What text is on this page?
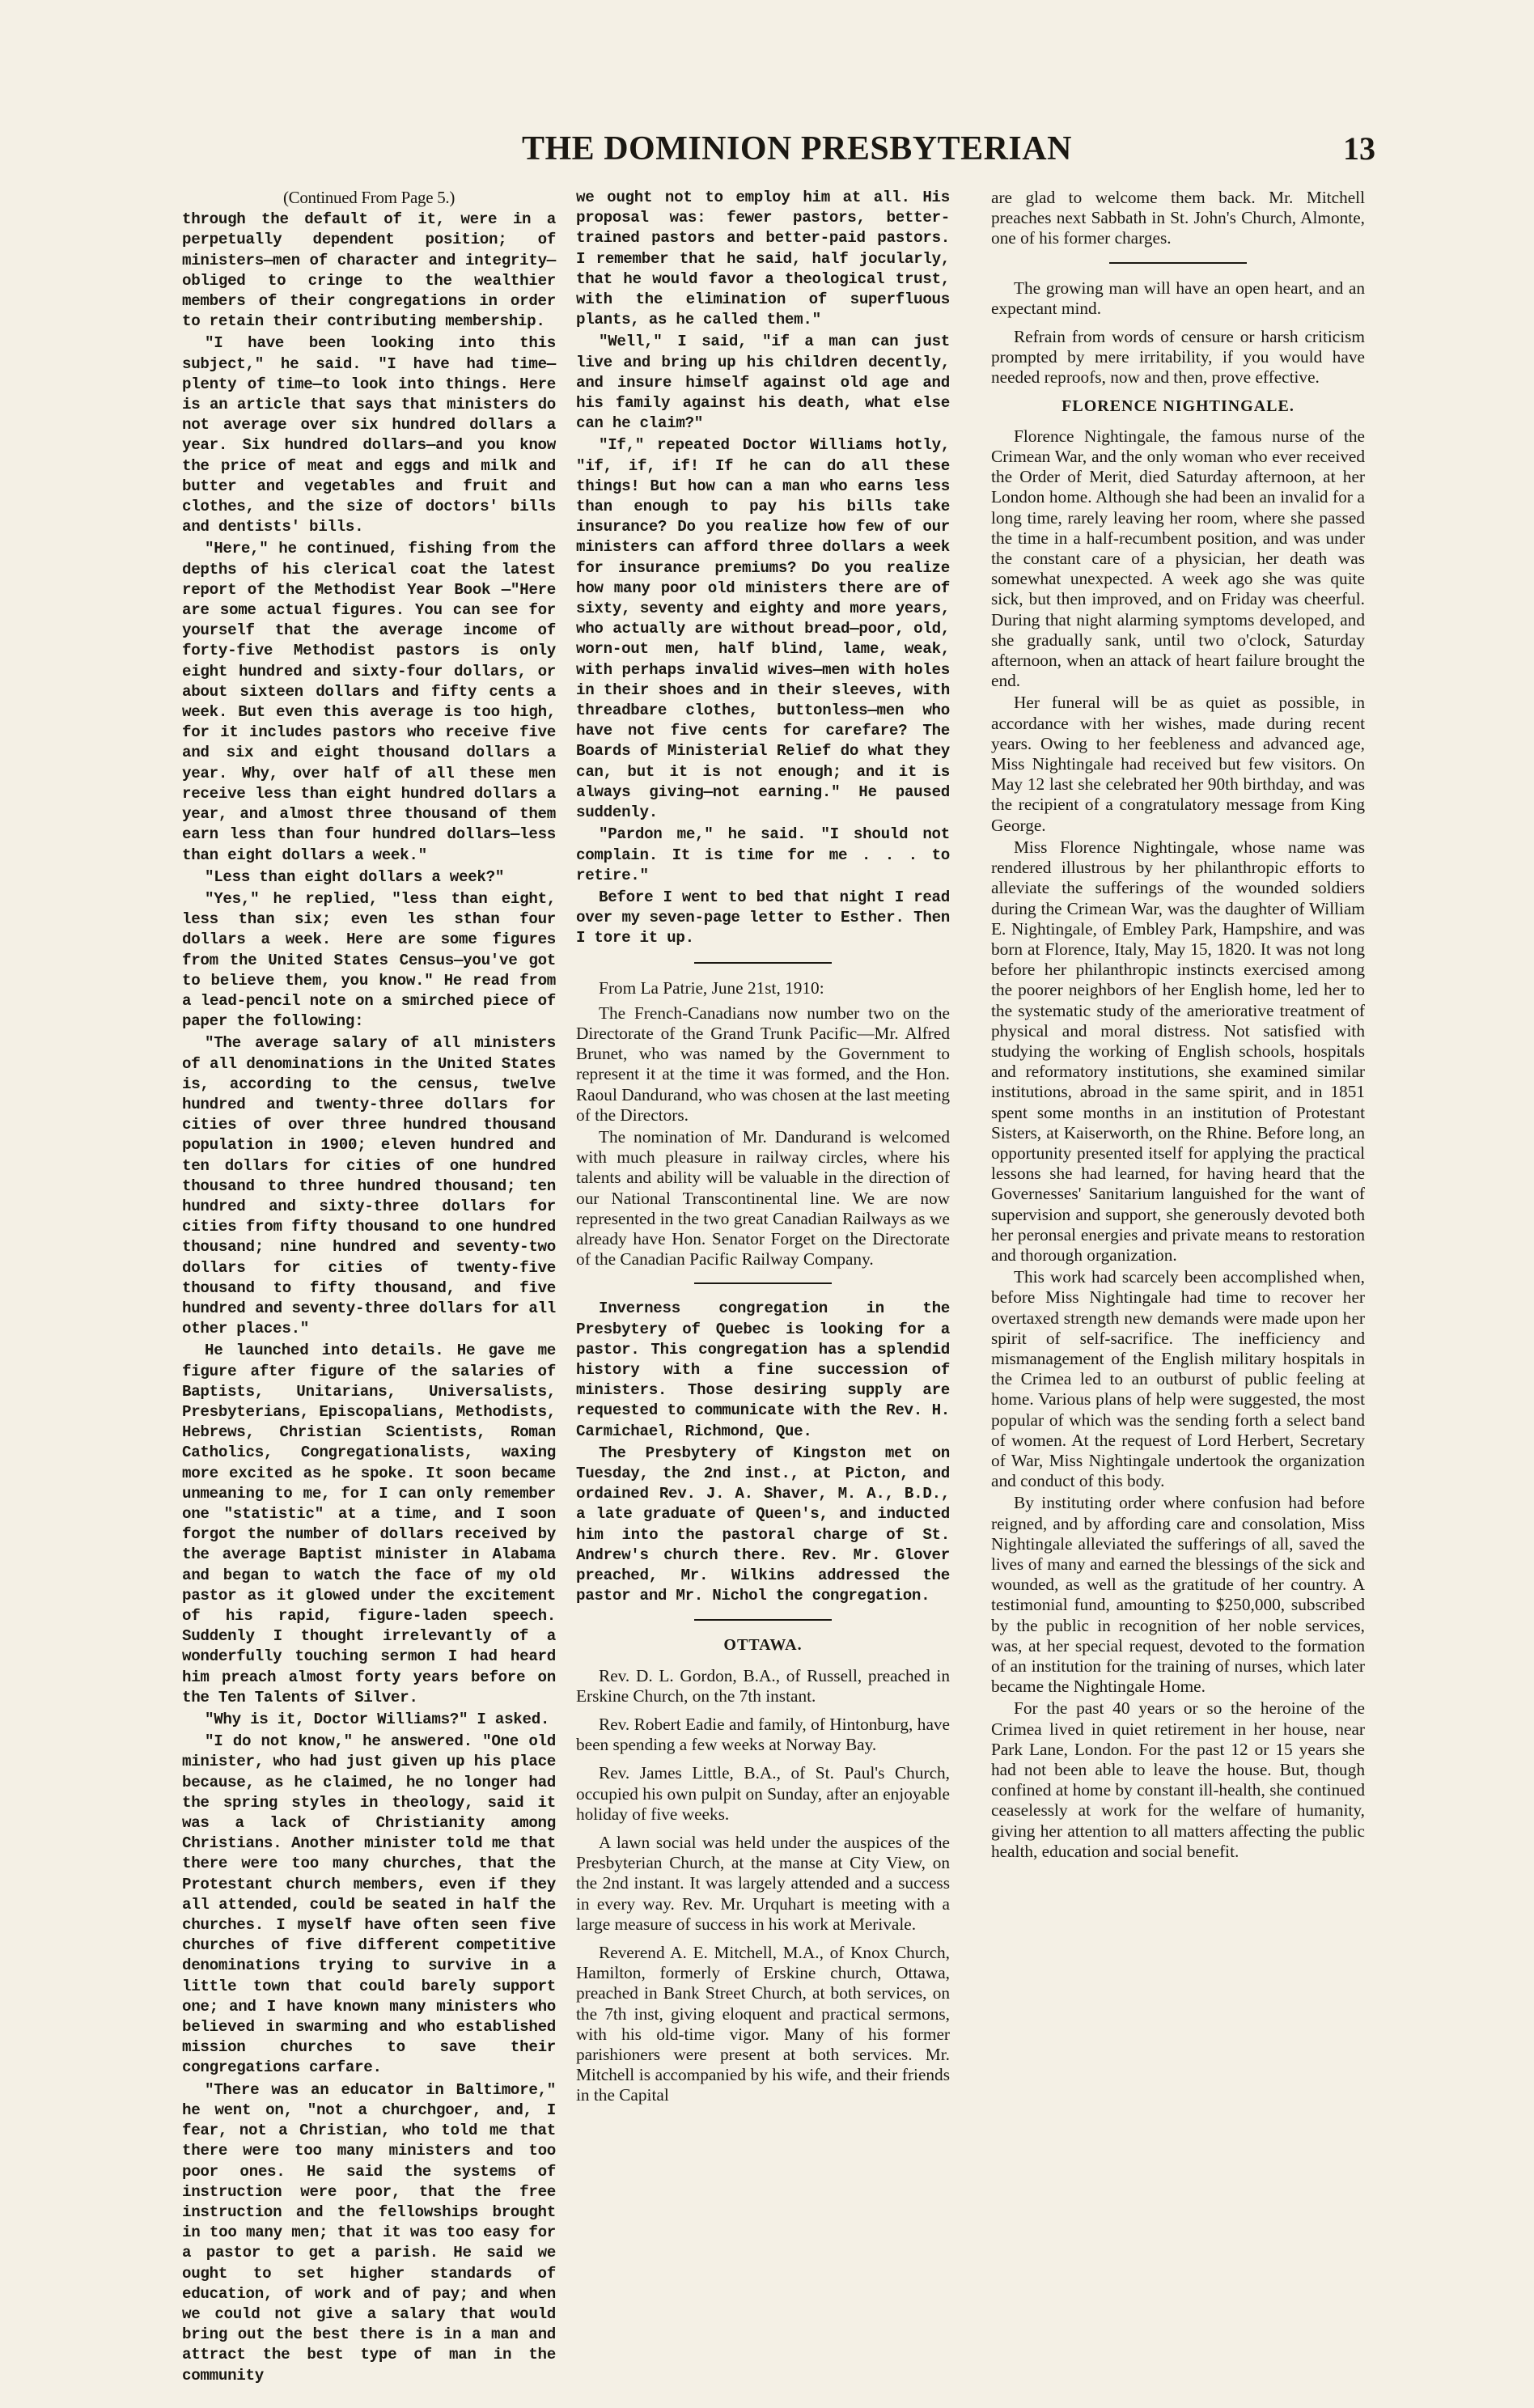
THE DOMINION PRESBYTERIAN	13

(Continued From Page 5.)

through the default of it, were in a perpetually dependent position; of ministers—men of character and integrity—obliged to cringe to the wealthier members of their congregations in order to retain their contributing membership.

"I have been looking into this subject," he said. "I have had time—plenty of time—to look into things. Here is an article that says that ministers do not average over six hundred dollars a year. Six hundred dollars—and you know the price of meat and eggs and milk and butter and vegetables and fruit and clothes, and the size of doctors' bills and dentists' bills.

"Here," he continued, fishing from the depths of his clerical coat the latest report of the Methodist Year Book —"Here are some actual figures. You can see for yourself that the average income of forty-five Methodist pastors is only eight hundred and sixty-four dollars, or about sixteen dollars and fifty cents a week. But even this average is too high, for it includes pastors who receive five and six and eight thousand dollars a year. Why, over half of all these men receive less than eight hundred dollars a year, and almost three thousand of them earn less than four hundred dollars—less than eight dollars a week."

"Less than eight dollars a week?"

"Yes," he replied, "less than eight, less than six; even les sthan four dollars a week. Here are some figures from the United States Census—you've got to believe them, you know." He read from a lead-pencil note on a smirched piece of paper the following:

"The average salary of all ministers of all denominations in the United States is, according to the census, twelve hundred and twenty-three dollars for cities of over three hundred thousand population in 1900; eleven hundred and ten dollars for cities of one hundred thousand to three hundred thousand; ten hundred and sixty-three dollars for cities from fifty thousand to one hundred thousand; nine hundred and seventy-two dollars for cities of twenty-five thousand to fifty thousand, and five hundred and seventy-three dollars for all other places."

He launched into details. He gave me figure after figure of the salaries of Baptists, Unitarians, Universalists, Presbyterians, Episcopalians, Methodists, Hebrews, Christian Scientists, Roman Catholics, Congregationalists, waxing more excited as he spoke. It soon became unmeaning to me, for I can only remember one "statistic" at a time, and I soon forgot the number of dollars received by the average Baptist minister in Alabama and began to watch the face of my old pastor as it glowed under the excitement of his rapid, figure-laden speech. Suddenly I thought irrelevantly of a wonderfully touching sermon I had heard him preach almost forty years before on the Ten Talents of Silver.

"Why is it, Doctor Williams?" I asked.

"I do not know," he answered. "One old minister, who had just given up his place because, as he claimed, he no longer had the spring styles in theology, said it was a lack of Christianity among Christians. Another minister told me that there were too many churches, that the Protestant church members, even if they all attended, could be seated in half the churches. I myself have often seen five churches of five different competitive denominations trying to survive in a little town that could barely support one; and I have known many ministers who believed in swarming and who established mission churches to save their congregations carfare.

"There was an educator in Baltimore," he went on, "not a churchgoer, and, I fear, not a Christian, who told me that there were too many ministers and too poor ones. He said the systems of instruction were poor, that the free instruction and the fellowships brought in too many men; that it was too easy for a pastor to get a parish. He said we ought to set higher standards of education, of work and of pay; and when we could not give a salary that would bring out the best there is in a man and attract the best type of man in the community

we ought not to employ him at all. His proposal was: fewer pastors, better-trained pastors and better-paid pastors. I remember that he said, half jocularly, that he would favor a theological trust, with the elimination of superfluous plants, as he called them."

"Well," I said, "if a man can just live and bring up his children decently, and insure himself against old age and his family against his death, what else can he claim?"

"If," repeated Doctor Williams hotly, "if, if, if! If he can do all these things! But how can a man who earns less than enough to pay his bills take insurance? Do you realize how few of our ministers can afford three dollars a week for insurance premiums? Do you realize how many poor old ministers there are of sixty, seventy and eighty and more years, who actually are without bread—poor, old, worn-out men, half blind, lame, weak, with perhaps invalid wives—men with holes in their shoes and in their sleeves, with threadbare clothes, buttonless—men who have not five cents for carefare? The Boards of Ministerial Relief do what they can, but it is not enough; and it is always giving—not earning." He paused suddenly.

"Pardon me," he said. "I should not complain. It is time for me . . . to retire."

Before I went to bed that night I read over my seven-page letter to Esther. Then I tore it up.

From La Patrie, June 21st, 1910:

The French-Canadians now number two on the Directorate of the Grand Trunk Pacific—Mr. Alfred Brunet, who was named by the Government to represent it at the time it was formed, and the Hon. Raoul Dandurand, who was chosen at the last meeting of the Directors.

The nomination of Mr. Dandurand is welcomed with much pleasure in railway circles, where his talents and ability will be valuable in the direction of our National Transcontinental line. We are now represented in the two great Canadian Railways as we already have Hon. Senator Forget on the Directorate of the Canadian Pacific Railway Company.

Inverness congregation in the Presbytery of Quebec is looking for a pastor. This congregation has a splendid history with a fine succession of ministers. Those desiring supply are requested to communicate with the Rev. H. Carmichael, Richmond, Que.

The Presbytery of Kingston met on Tuesday, the 2nd inst., at Picton, and ordained Rev. J. A. Shaver, M. A., B.D., a late graduate of Queen's, and inducted him into the pastoral charge of St. Andrew's church there. Rev. Mr. Glover preached, Mr. Wilkins addressed the pastor and Mr. Nichol the congregation.

OTTAWA.

Rev. D. L. Gordon, B.A., of Russell, preached in Erskine Church, on the 7th instant.

Rev. Robert Eadie and family, of Hintonburg, have been spending a few weeks at Norway Bay.

Rev. James Little, B.A., of St. Paul's Church, occupied his own pulpit on Sunday, after an enjoyable holiday of five weeks.

A lawn social was held under the auspices of the Presbyterian Church, at the manse at City View, on the 2nd instant. It was largely attended and a success in every way. Rev. Mr. Urquhart is meeting with a large measure of success in his work at Merivale.

Reverend A. E. Mitchell, M.A., of Knox Church, Hamilton, formerly of Erskine church, Ottawa, preached in Bank Street Church, at both services, on the 7th inst, giving eloquent and practical sermons, with his old-time vigor. Many of his former parishioners were present at both services. Mr. Mitchell is accompanied by his wife, and their friends in the Capital

are glad to welcome them back. Mr. Mitchell preaches next Sabbath in St. John's Church, Almonte, one of his former charges.

The growing man will have an open heart, and an expectant mind.

Refrain from words of censure or harsh criticism prompted by mere irritability, if you would have needed reproofs, now and then, prove effective.

FLORENCE NIGHTINGALE.

Florence Nightingale, the famous nurse of the Crimean War, and the only woman who ever received the Order of Merit, died Saturday afternoon, at her London home. Although she had been an invalid for a long time, rarely leaving her room, where she passed the time in a half-recumbent position, and was under the constant care of a physician, her death was somewhat unexpected. A week ago she was quite sick, but then improved, and on Friday was cheerful. During that night alarming symptoms developed, and she gradually sank, until two o'clock, Saturday afternoon, when an attack of heart failure brought the end.

Her funeral will be as quiet as possible, in accordance with her wishes, made during recent years. Owing to her feebleness and advanced age, Miss Nightingale had received but few visitors. On May 12 last she celebrated her 90th birthday, and was the recipient of a congratulatory message from King George.

Miss Florence Nightingale, whose name was rendered illustrous by her philanthropic efforts to alleviate the sufferings of the wounded soldiers during the Crimean War, was the daughter of William E. Nightingale, of Embley Park, Hampshire, and was born at Florence, Italy, May 15, 1820. It was not long before her philanthropic instincts exercised among the poorer neighbors of her English home, led her to the systematic study of the ameriorative treatment of physical and moral distress. Not satisfied with studying the working of English schools, hospitals and reformatory institutions, she examined similar institutions, abroad in the same spirit, and in 1851 spent some months in an institution of Protestant Sisters, at Kaiserworth, on the Rhine. Before long, an opportunity presented itself for applying the practical lessons she had learned, for having heard that the Governesses' Sanitarium languished for the want of supervision and support, she generously devoted both her peronsal energies and private means to restoration and thorough organization.

This work had scarcely been accomplished when, before Miss Nightingale had time to recover her overtaxed strength new demands were made upon her spirit of self-sacrifice. The inefficiency and mismanagement of the English military hospitals in the Crimea led to an outburst of public feeling at home. Various plans of help were suggested, the most popular of which was the sending forth a select band of women. At the request of Lord Herbert, Secretary of War, Miss Nightingale undertook the organization and conduct of this body.

By instituting order where confusion had before reigned, and by affording care and consolation, Miss Nightingale alleviated the sufferings of all, saved the lives of many and earned the blessings of the sick and wounded, as well as the gratitude of her country. A testimonial fund, amounting to $250,000, subscribed by the public in recognition of her noble services, was, at her special request, devoted to the formation of an institution for the training of nurses, which later became the Nightingale Home.

For the past 40 years or so the heroine of the Crimea lived in quiet retirement in her house, near Park Lane, London. For the past 12 or 15 years she had not been able to leave the house. But, though confined at home by constant ill-health, she continued ceaselessly at work for the welfare of humanity, giving her attention to all matters affecting the public health, education and social benefit.
